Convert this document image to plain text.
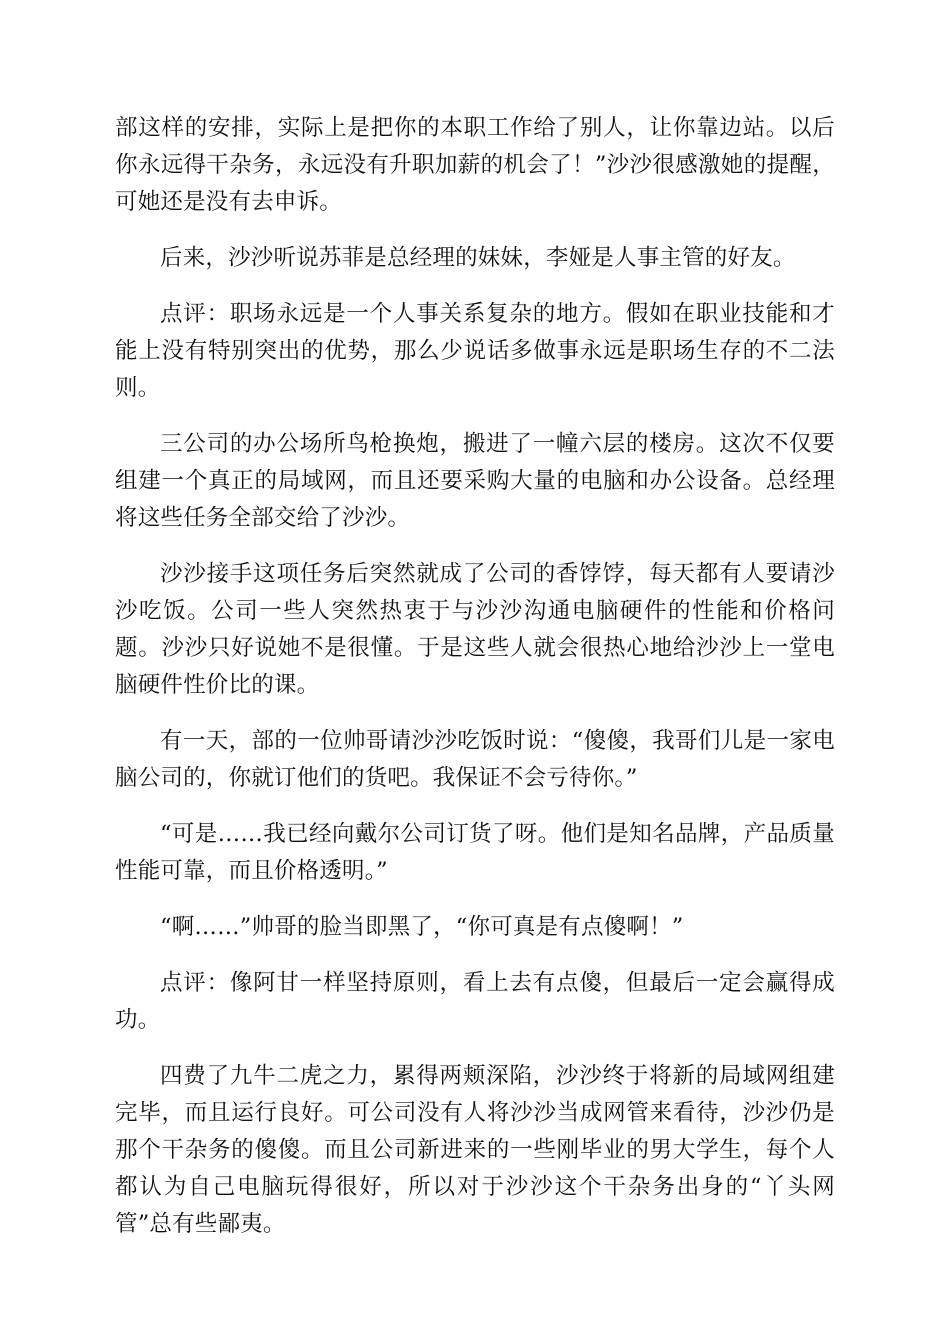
部这样的安排，实际上是把你的本职工作给了别人，让你靠边站。以后你永远得干杂务，永远没有升职加薪的机会了！”沙沙很感激她的提醒，可她还是没有去申诉。

后来，沙沙听说苏菲是总经理的妹妹，李娅是人事主管的好友。

点评：职场永远是一个人事关系复杂的地方。假如在职业技能和才能上没有特别突出的优势，那么少说话多做事永远是职场生存的不二法则。

三公司的办公场所鸟枪换炮，搬进了一幢六层的楼房。这次不仅要组建一个真正的局域网，而且还要采购大量的电脑和办公设备。总经理将这些任务全部交给了沙沙。

沙沙接手这项任务后突然就成了公司的香饽饽，每天都有人要请沙沙吃饭。公司一些人突然热衷于与沙沙沟通电脑硬件的性能和价格问题。沙沙只好说她不是很懂。于是这些人就会很热心地给沙沙上一堂电脑硬件性价比的课。

有一天，部的一位帅哥请沙沙吃饭时说：“傻傻，我哥们儿是一家电脑公司的，你就订他们的货吧。我保证不会亏待你。”

“可是……我已经向戴尔公司订货了呀。他们是知名品牌，产品质量性能可靠，而且价格透明。”

“啊……”帅哥的脸当即黑了，“你可真是有点傻啊！”

点评：像阿甘一样坚持原则，看上去有点傻，但最后一定会赢得成功。

四费了九牛二虎之力，累得两颊深陷，沙沙终于将新的局域网组建完毕，而且运行良好。可公司没有人将沙沙当成网管来看待，沙沙仍是那个干杂务的傻傻。而且公司新进来的一些刚毕业的男大学生，每个人都认为自己电脑玩得很好，所以对于沙沙这个干杂务出身的“丫头网管”总有些鄙夷。
